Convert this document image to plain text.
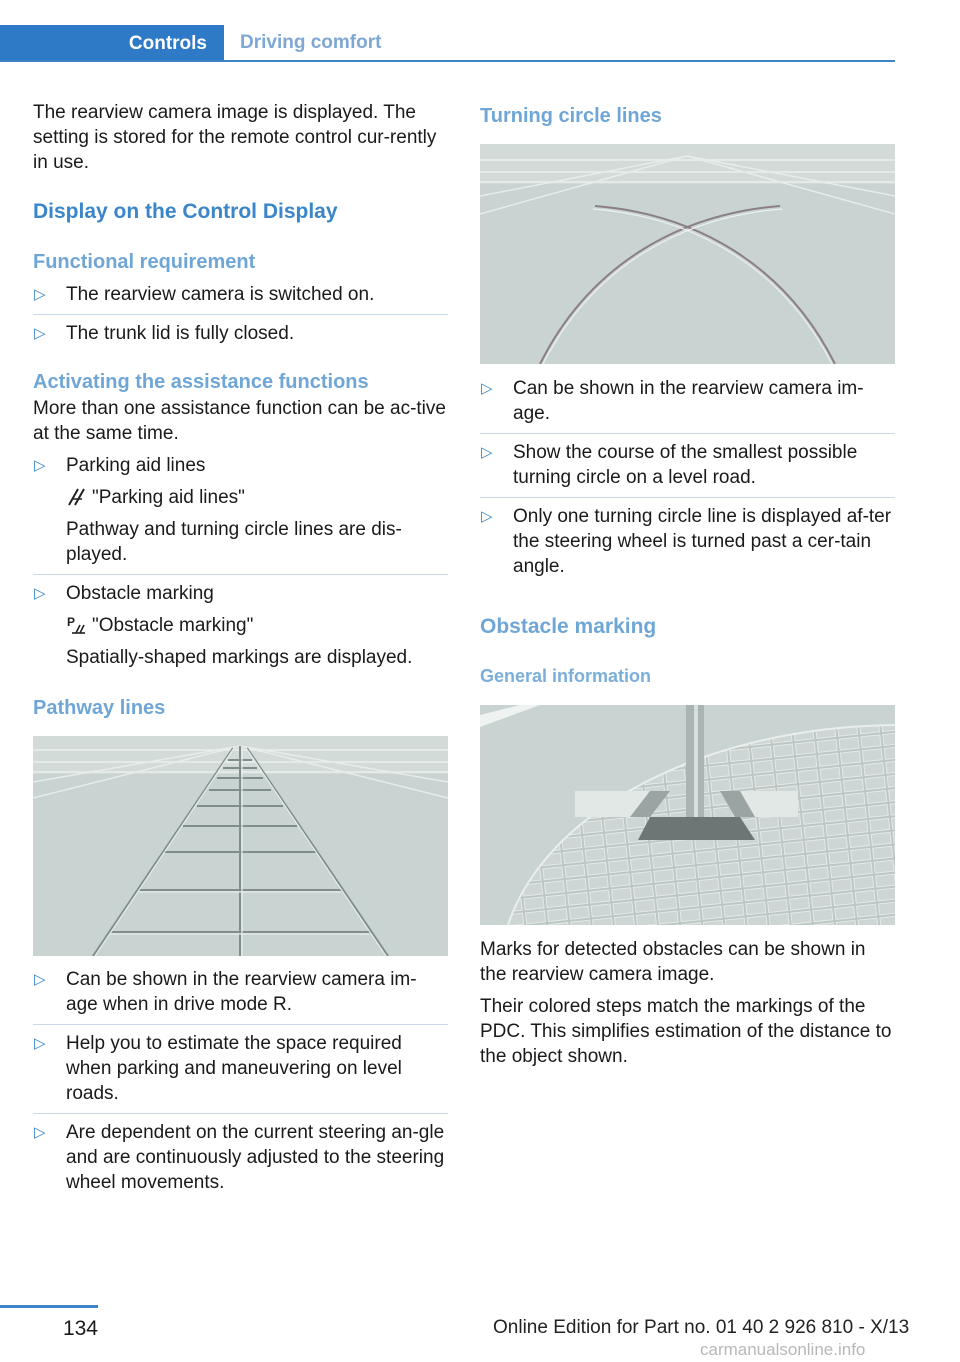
Controls	Driving comfort

The rearview camera image is displayed. The setting is stored for the remote control cur-rently in use.

Display on the Control Display
Functional requirement
▷ The rearview camera is switched on.
▷ The trunk lid is fully closed.
Activating the assistance functions

More than one assistance function can be ac-tive at the same time.

▷ Parking aid lines
"Parking aid lines"
Pathway and turning circle lines are dis-played.
▷ Obstacle marking
P "Obstacle marking"
Spatially-shaped markings are displayed.
Pathway lines
▷ Can be shown in the rearview camera im-age when in drive mode R.
▷ Help you to estimate the space required when parking and maneuvering on level roads.
▷ Are dependent on the current steering an-gle and are continuously adjusted to the steering wheel movements.
Turning circle lines
▷ Can be shown in the rearview camera im-age.
▷ Show the course of the smallest possible turning circle on a level road.
▷ Only one turning circle line is displayed af-ter the steering wheel is turned past a cer-tain angle.
Obstacle marking
General information

Marks for detected obstacles can be shown in the rearview camera image.

Their colored steps match the markings of the PDC. This simplifies estimation of the distance to the object shown.

134	Online Edition for Part no. 01 40 2 926 810 - X/13
carmanualsonline.info
